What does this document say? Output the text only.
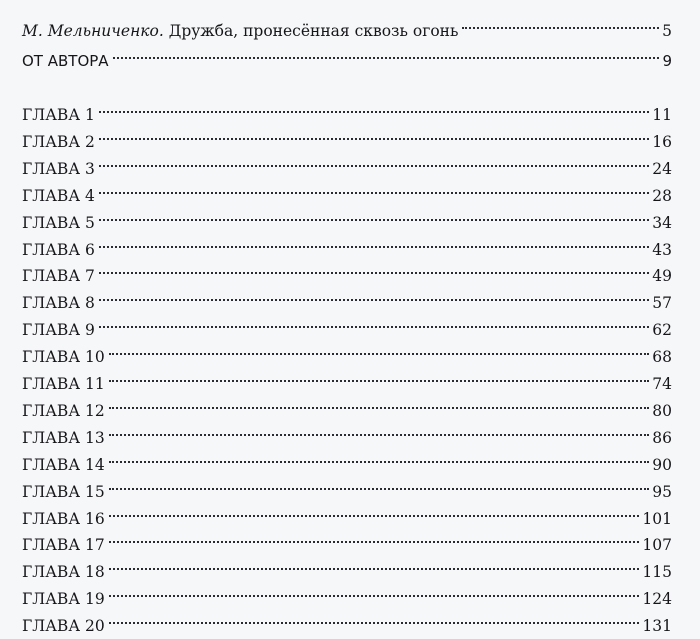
М. Мельниченко. Дружба, пронесённая сквозь огонь	5
ОТ АВТОРА	9
ГЛАВА 1	11
ГЛАВА 2	16
ГЛАВА 3	24
ГЛАВА 4	28
ГЛАВА 5	34
ГЛАВА 6	43
ГЛАВА 7	49
ГЛАВА 8	57
ГЛАВА 9	62
ГЛАВА 10	68
ГЛАВА 11	74
ГЛАВА 12	80
ГЛАВА 13	86
ГЛАВА 14	90
ГЛАВА 15	95
ГЛАВА 16	101
ГЛАВА 17	107
ГЛАВА 18	115
ГЛАВА 19	124
ГЛАВА 20	131
